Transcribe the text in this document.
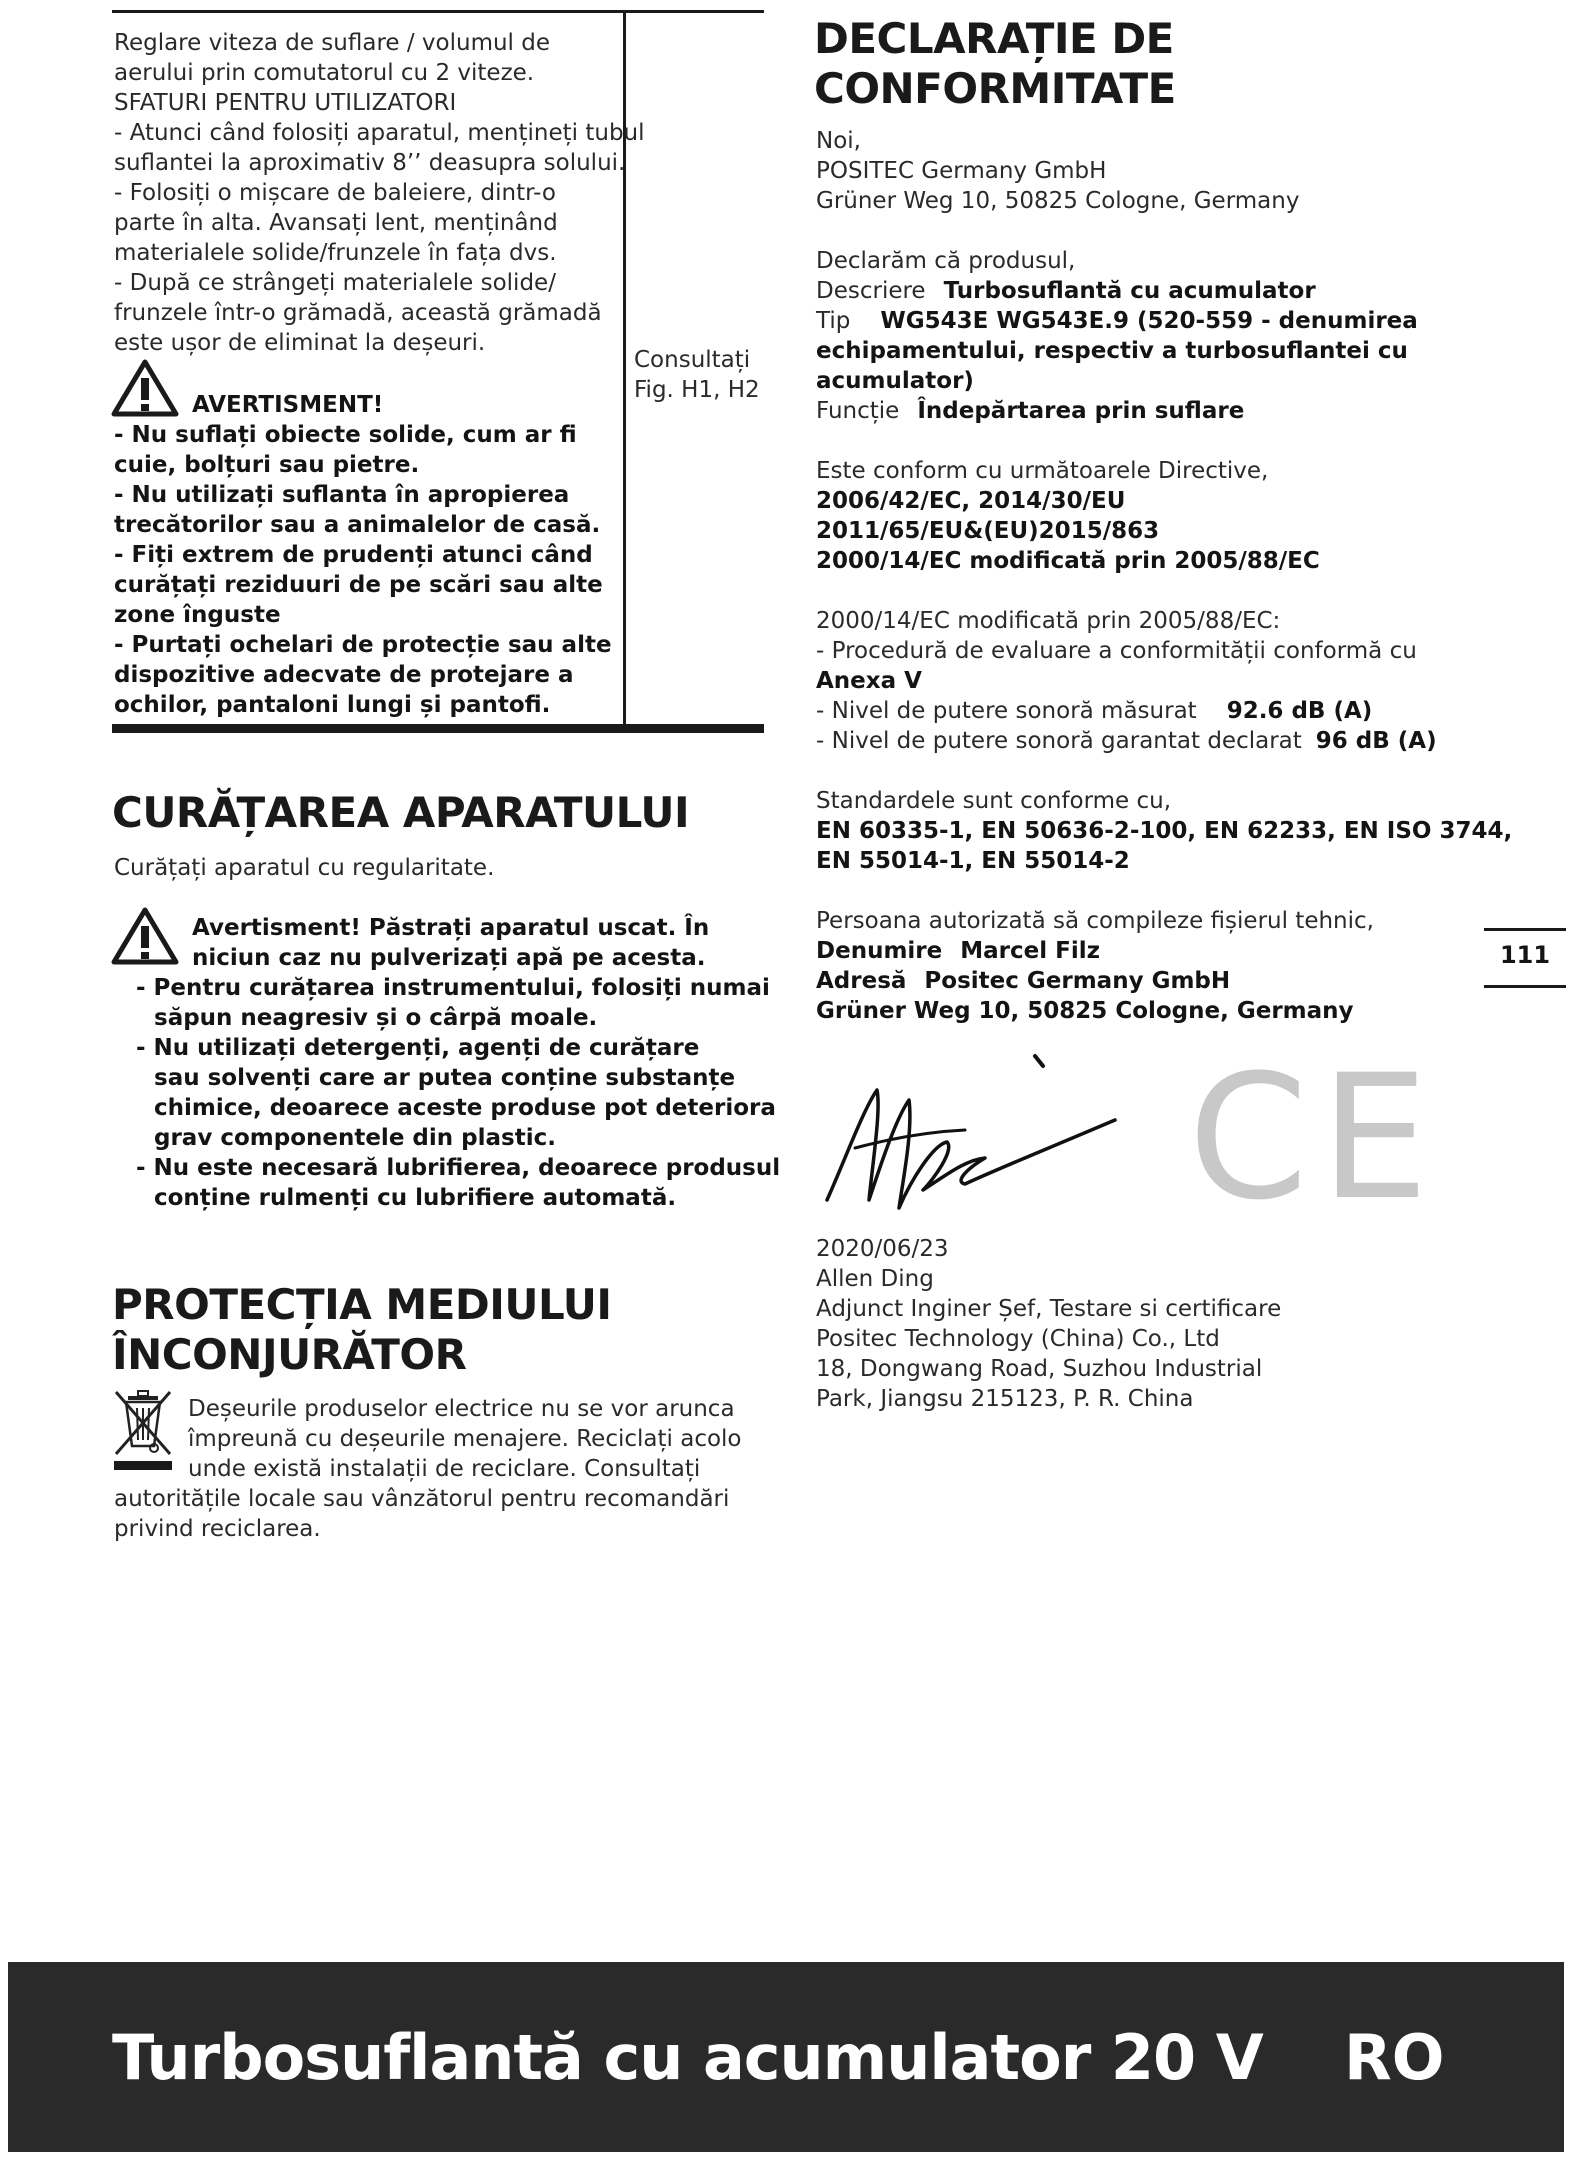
Reglare viteza de suflare / volumul de
aerului prin comutatorul cu 2 viteze.
SFATURI PENTRU UTILIZATORI
- Atunci când folosiți aparatul, mențineți tubul
suflantei la aproximativ 8’’ deasupra solului.
- Folosiți o mișcare de baleiere, dintr-o
parte în alta. Avansați lent, menținând
materialele solide/frunzele în fața dvs.
- După ce strângeți materialele solide/
frunzele într-o grămadă, această grămadă
este ușor de eliminat la deșeuri.
AVERTISMENT!
- Nu suflați obiecte solide, cum ar fi
cuie, bolțuri sau pietre.
- Nu utilizați suflanta în apropierea
trecătorilor sau a animalelor de casă.
- Fiți extrem de prudenți atunci când
curățați reziduuri de pe scări sau alte
zone înguste
- Purtați ochelari de protecție sau alte
dispozitive adecvate de protejare a
ochilor, pantaloni lungi și pantofi.
Consultați
Fig. H1, H2
CURĂȚAREA APARATULUI
Curățați aparatul cu regularitate.
Avertisment! Păstrați aparatul uscat. În
niciun caz nu pulverizați apă pe acesta.
- Pentru curățarea instrumentului, folosiți numai
săpun neagresiv și o cârpă moale.
- Nu utilizați detergenți, agenți de curățare
sau solvenți care ar putea conține substanțe
chimice, deoarece aceste produse pot deteriora
grav componentele din plastic.
- Nu este necesară lubrifierea, deoarece produsul
conține rulmenți cu lubrifiere automată.
PROTECȚIA MEDIULUI
ÎNCONJURĂTOR
Deșeurile produselor electrice nu se vor arunca
împreună cu deșeurile menajere. Reciclați acolo
unde există instalații de reciclare. Consultați
autoritățile locale sau vânzătorul pentru recomandări
privind reciclarea.
DECLARAȚIE DE
CONFORMITATE
Noi,
POSITEC Germany GmbH
Grüner Weg 10, 50825 Cologne, Germany
Declarăm că produsul,
Descriere Turbosuflantă cu acumulator
Tip WG543E WG543E.9 (520-559 - denumirea
echipamentului, respectiv a turbosuflantei cu
acumulator)
Funcție Îndepărtarea prin suflare
Este conform cu următoarele Directive,
2006/42/EC, 2014/30/EU
2011/65/EU&(EU)2015/863
2000/14/EC modificată prin 2005/88/EC
2000/14/EC modificată prin 2005/88/EC:
- Procedură de evaluare a conformității conformă cu
Anexa V
- Nivel de putere sonoră măsurat 92.6 dB (A)
- Nivel de putere sonoră garantat declarat 96 dB (A)
Standardele sunt conforme cu,
EN 60335-1, EN 50636-2-100, EN 62233, EN ISO 3744,
EN 55014-1, EN 55014-2
Persoana autorizată să compileze fișierul tehnic,
Denumire Marcel Filz
Adresă Positec Germany GmbH
Grüner Weg 10, 50825 Cologne, Germany
CE
2020/06/23
Allen Ding
Adjunct Inginer Șef, Testare si certificare
Positec Technology (China) Co., Ltd
18, Dongwang Road, Suzhou Industrial
Park, Jiangsu 215123, P. R. China
111
Turbosuflantă cu acumulator 20 V RO
